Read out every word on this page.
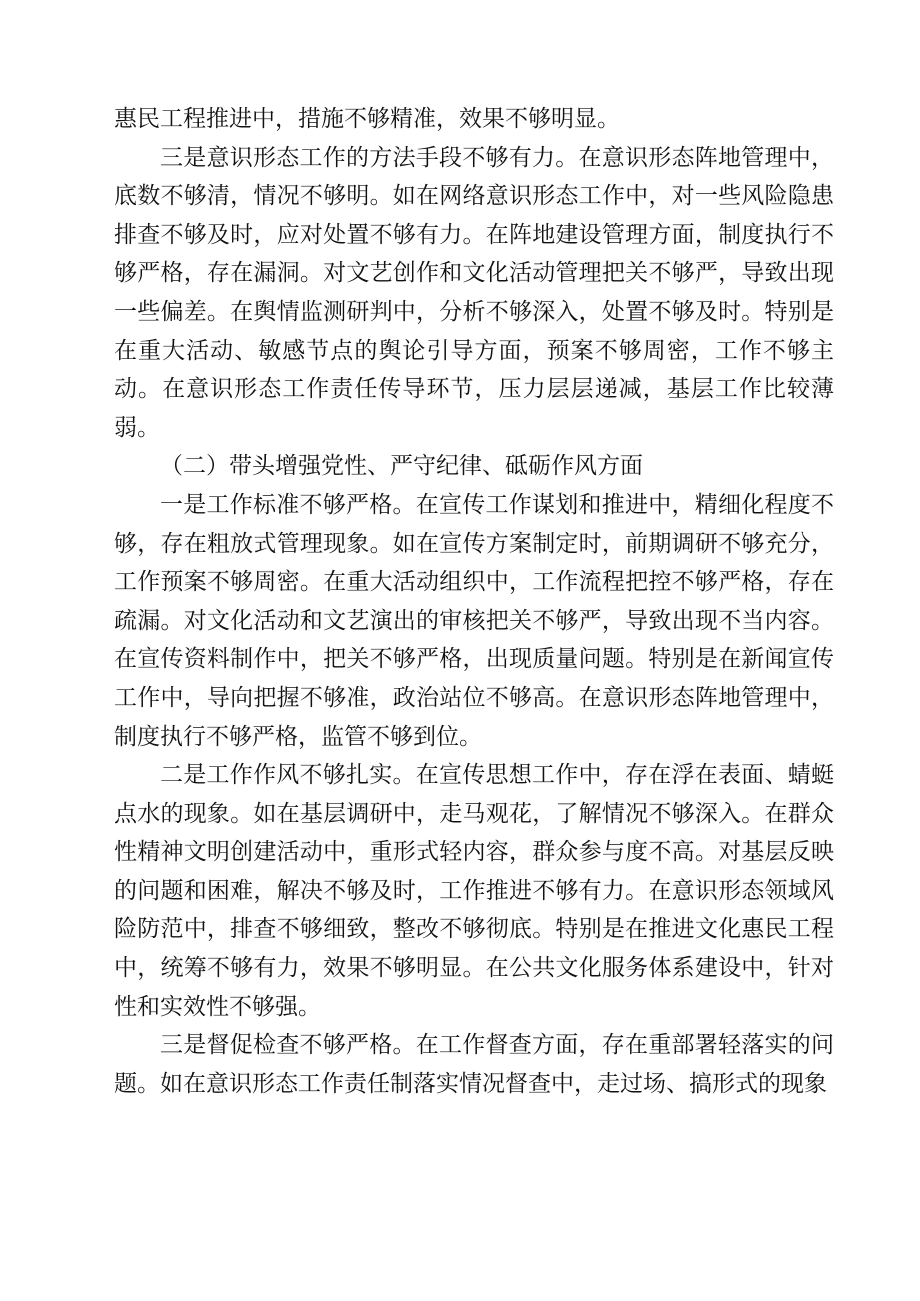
惠民工程推进中，措施不够精准，效果不够明显。

三是意识形态工作的方法手段不够有力。在意识形态阵地管理中，底数不够清，情况不够明。如在网络意识形态工作中，对一些风险隐患排查不够及时，应对处置不够有力。在阵地建设管理方面，制度执行不够严格，存在漏洞。对文艺创作和文化活动管理把关不够严，导致出现一些偏差。在舆情监测研判中，分析不够深入，处置不够及时。特别是在重大活动、敏感节点的舆论引导方面，预案不够周密，工作不够主动。在意识形态工作责任传导环节，压力层层递减，基层工作比较薄弱。

（二）带头增强党性、严守纪律、砥砺作风方面

一是工作标准不够严格。在宣传工作谋划和推进中，精细化程度不够，存在粗放式管理现象。如在宣传方案制定时，前期调研不够充分，工作预案不够周密。在重大活动组织中，工作流程把控不够严格，存在疏漏。对文化活动和文艺演出的审核把关不够严，导致出现不当内容。在宣传资料制作中，把关不够严格，出现质量问题。特别是在新闻宣传工作中，导向把握不够准，政治站位不够高。在意识形态阵地管理中，制度执行不够严格，监管不够到位。

二是工作作风不够扎实。在宣传思想工作中，存在浮在表面、蜻蜓点水的现象。如在基层调研中，走马观花，了解情况不够深入。在群众性精神文明创建活动中，重形式轻内容，群众参与度不高。对基层反映的问题和困难，解决不够及时，工作推进不够有力。在意识形态领域风险防范中，排查不够细致，整改不够彻底。特别是在推进文化惠民工程中，统筹不够有力，效果不够明显。在公共文化服务体系建设中，针对性和实效性不够强。

三是督促检查不够严格。在工作督查方面，存在重部署轻落实的问题。如在意识形态工作责任制落实情况督查中，走过场、搞形式的现象
